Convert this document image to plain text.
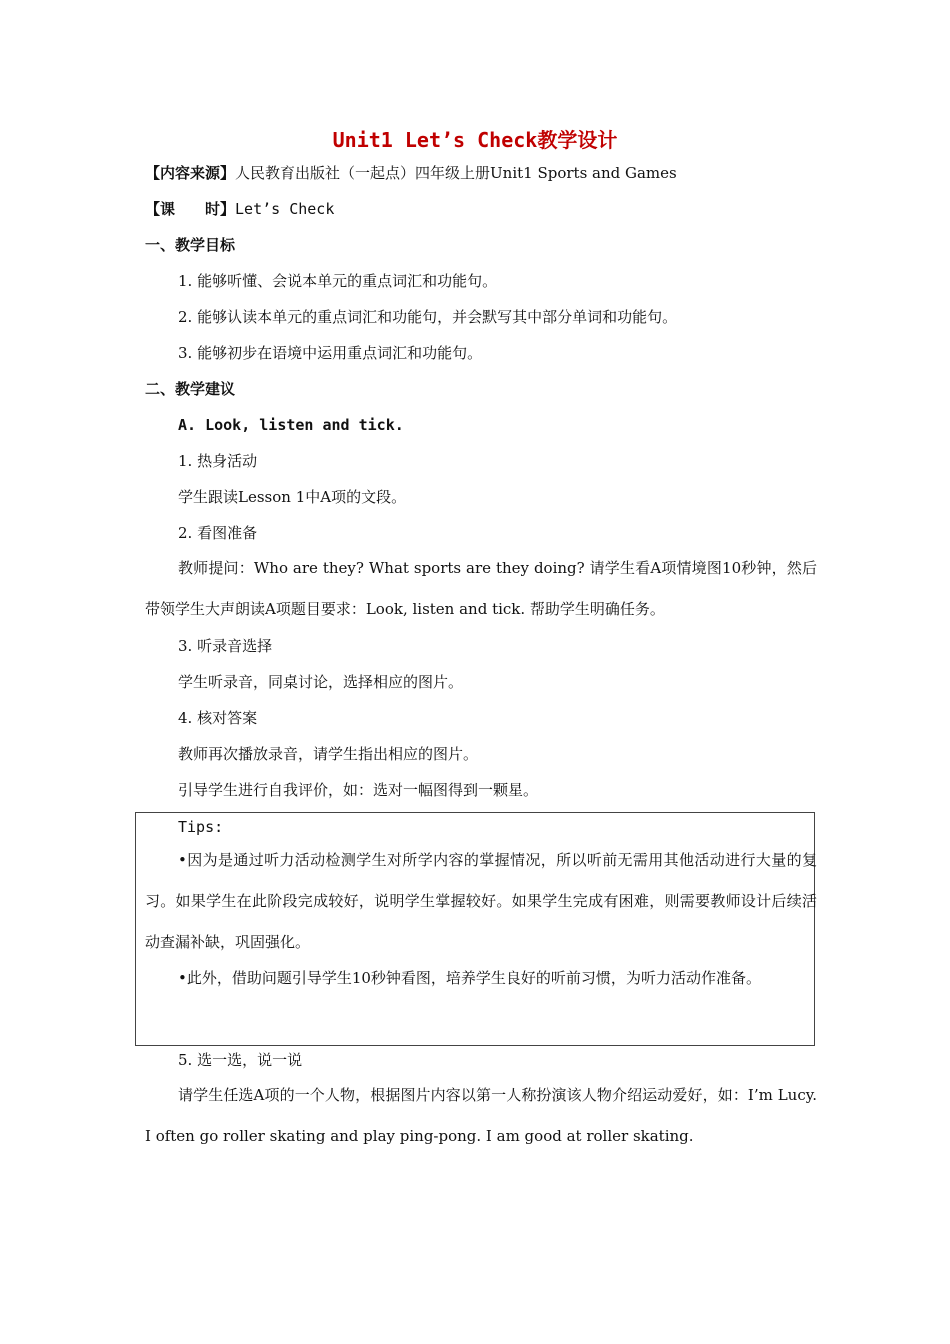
Unit1 Let’s Check教学设计
【内容来源】人民教育出版社（一起点）四年级上册Unit1 Sports and Games
【课　　时】Let’s Check
一、教学目标
1. 能够听懂、会说本单元的重点词汇和功能句。
2. 能够认读本单元的重点词汇和功能句，并会默写其中部分单词和功能句。
3. 能够初步在语境中运用重点词汇和功能句。
二、教学建议
A. Look, listen and tick.
1. 热身活动
学生跟读Lesson 1中A项的文段。
2. 看图准备
教师提问：Who are they? What sports are they doing? 请学生看A项情境图10秒钟，然后带领学生大声朗读A项题目要求：Look, listen and tick. 帮助学生明确任务。
3. 听录音选择
学生听录音，同桌讨论，选择相应的图片。
4. 核对答案
教师再次播放录音，请学生指出相应的图片。
引导学生进行自我评价，如：选对一幅图得到一颗星。
Tips:
•因为是通过听力活动检测学生对所学内容的掌握情况，所以听前无需用其他活动进行大量的复习。如果学生在此阶段完成较好，说明学生掌握较好。如果学生完成有困难，则需要教师设计后续活动查漏补缺，巩固强化。
•此外，借助问题引导学生10秒钟看图，培养学生良好的听前习惯，为听力活动作准备。
5. 选一选，说一说
请学生任选A项的一个人物，根据图片内容以第一人称扮演该人物介绍运动爱好，如：I’m Lucy. I often go roller skating and play ping-pong. I am good at roller skating.
